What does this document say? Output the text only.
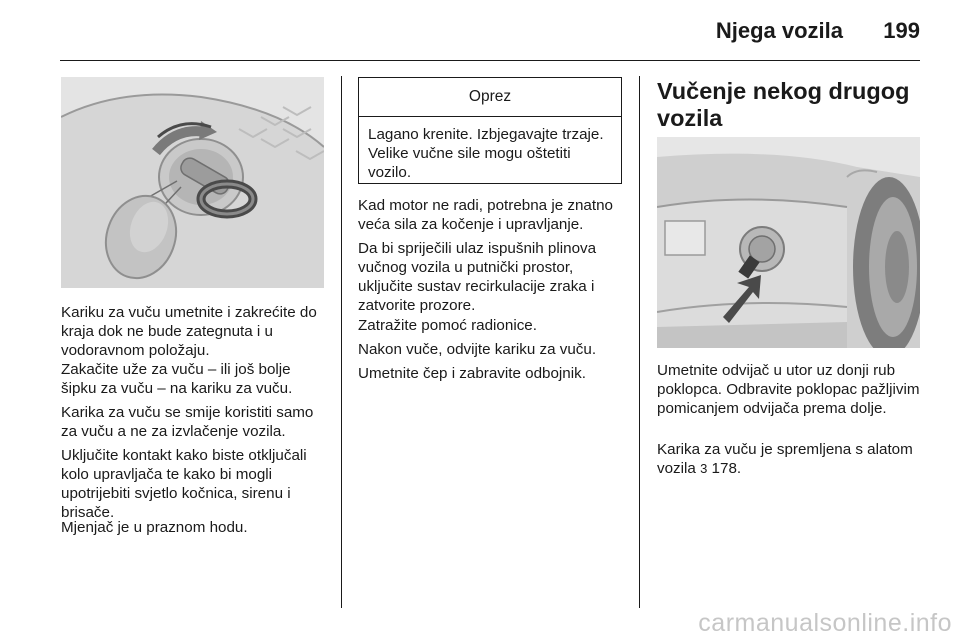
Njega vozila 199

Kariku za vuču umetnite i zakrećite do kraja dok ne bude zategnuta i u vodoravnom položaju.

Zakačite uže za vuču – ili još bolje šipku za vuču – na kariku za vuču.

Karika za vuču se smije koristiti samo za vuču a ne za izvlačenje vozila.

Uključite kontakt kako biste otključali kolo upravljača te kako bi mogli upotrijebiti svjetlo kočnica, sirenu i brisače.

Mjenjač je u praznom hodu.

Oprez
Lagano krenite. Izbjegavajte trzaje. Velike vučne sile mogu oštetiti vozilo.

Kad motor ne radi, potrebna je znatno veća sila za kočenje i upravljanje.

Da bi spriječili ulaz ispušnih plinova vučnog vozila u putnički prostor, uključite sustav recirkulacije zraka i zatvorite prozore.

Zatražite pomoć radionice.

Nakon vuče, odvijte kariku za vuču.

Umetnite čep i zabravite odbojnik.

Vučenje nekog drugog vozila

Umetnite odvijač u utor uz donji rub poklopca. Odbravite poklopac pažljivim pomicanjem odvijača prema dolje.

Karika za vuču je spremljena s alatom vozila 3 178.

carmanualsonline.info
